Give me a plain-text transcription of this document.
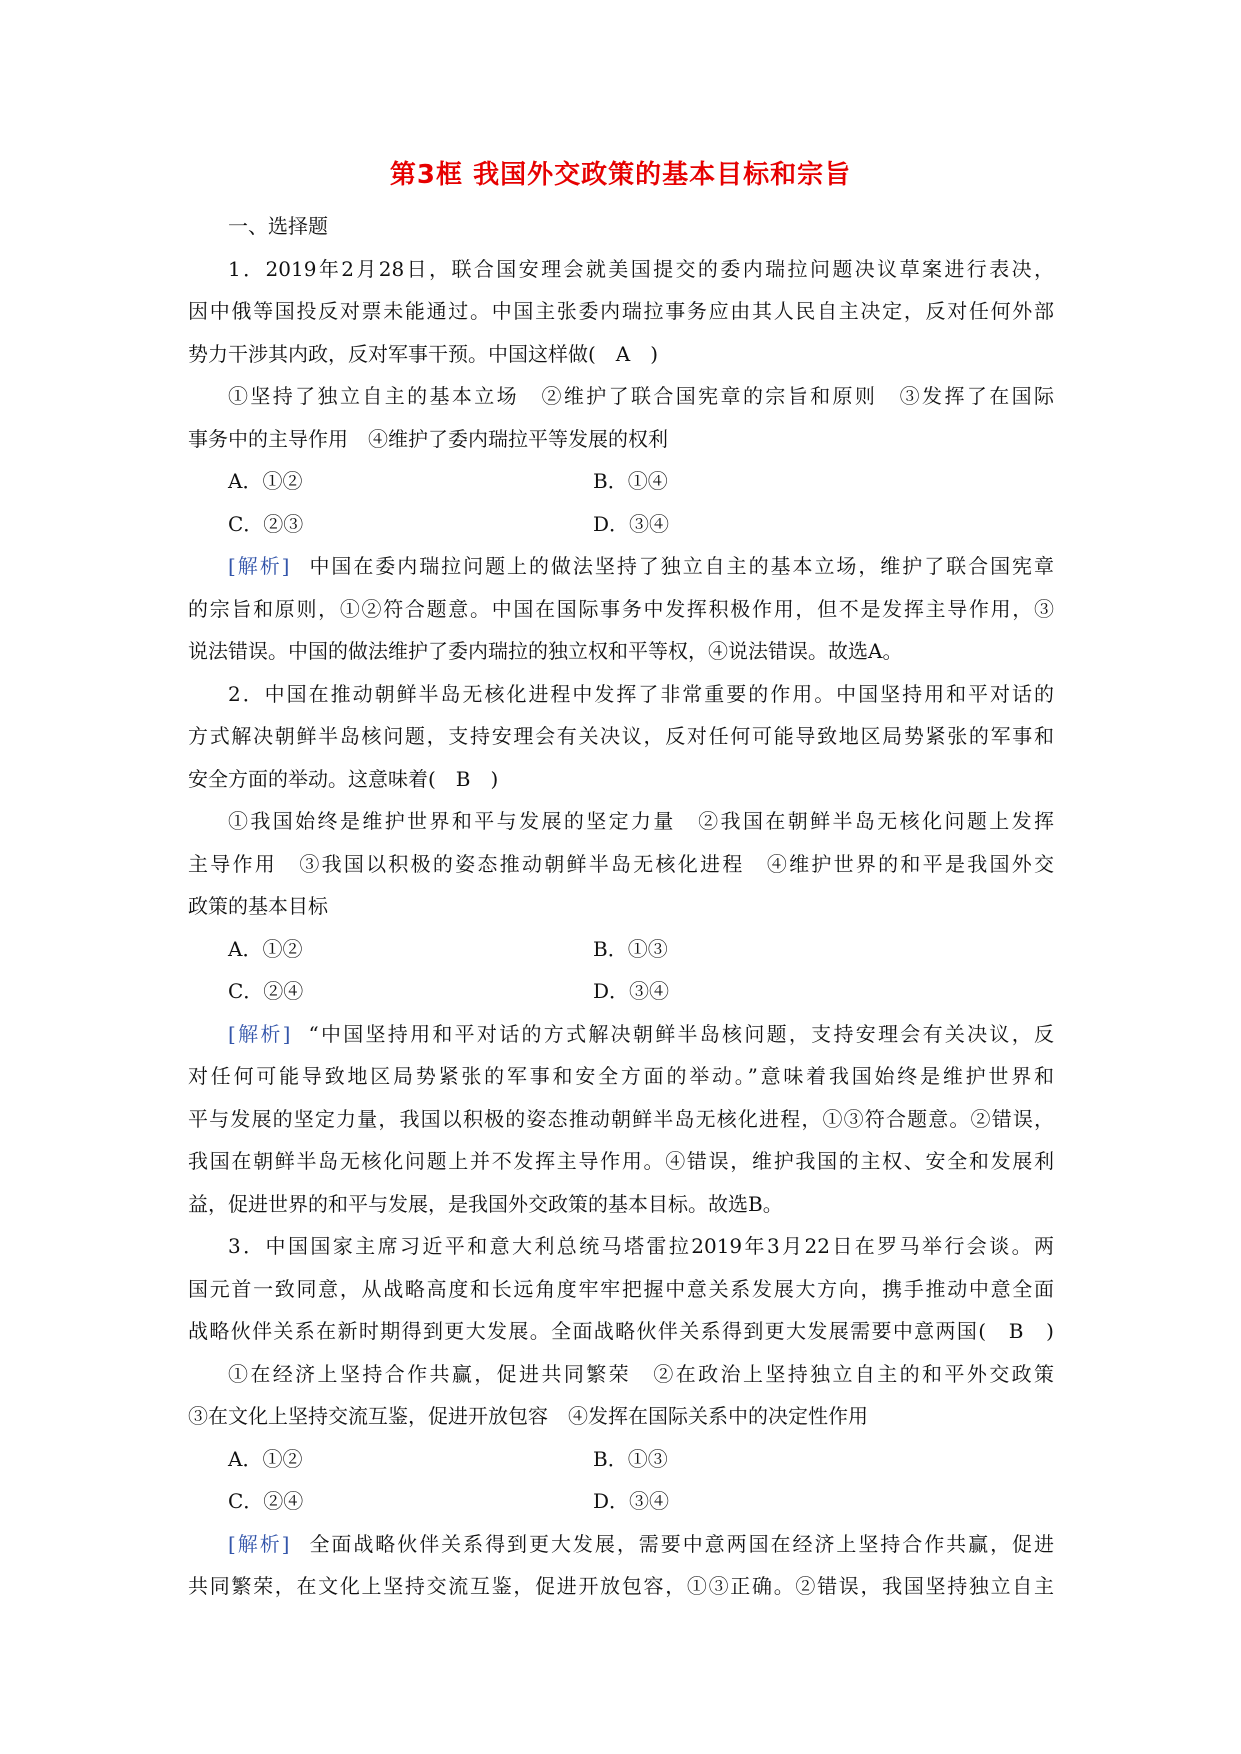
第3框 我国外交政策的基本目标和宗旨
一、选择题
1．2019年2月28日，联合国安理会就美国提交的委内瑞拉问题决议草案进行表决，
因中俄等国投反对票未能通过。中国主张委内瑞拉事务应由其人民自主决定，反对任何外部
势力干涉其内政，反对军事干预。中国这样做(　A　)
①坚持了独立自主的基本立场　②维护了联合国宪章的宗旨和原则　③发挥了在国际
事务中的主导作用　④维护了委内瑞拉平等发展的权利
A．①②	B．①④
C．②③	D．③④
[解析] 中国在委内瑞拉问题上的做法坚持了独立自主的基本立场，维护了联合国宪章
的宗旨和原则，①②符合题意。中国在国际事务中发挥积极作用，但不是发挥主导作用，③
说法错误。中国的做法维护了委内瑞拉的独立权和平等权，④说法错误。故选A。
2．中国在推动朝鲜半岛无核化进程中发挥了非常重要的作用。中国坚持用和平对话的
方式解决朝鲜半岛核问题，支持安理会有关决议，反对任何可能导致地区局势紧张的军事和
安全方面的举动。这意味着(　B　)
①我国始终是维护世界和平与发展的坚定力量　②我国在朝鲜半岛无核化问题上发挥
主导作用　③我国以积极的姿态推动朝鲜半岛无核化进程　④维护世界的和平是我国外交
政策的基本目标
A．①②	B．①③
C．②④	D．③④
[解析] “中国坚持用和平对话的方式解决朝鲜半岛核问题，支持安理会有关决议，反
对任何可能导致地区局势紧张的军事和安全方面的举动。”意味着我国始终是维护世界和
平与发展的坚定力量，我国以积极的姿态推动朝鲜半岛无核化进程，①③符合题意。②错误，
我国在朝鲜半岛无核化问题上并不发挥主导作用。④错误，维护我国的主权、安全和发展利
益，促进世界的和平与发展，是我国外交政策的基本目标。故选B。
3．中国国家主席习近平和意大利总统马塔雷拉2019年3月22日在罗马举行会谈。两
国元首一致同意，从战略高度和长远角度牢牢把握中意关系发展大方向，携手推动中意全面
战略伙伴关系在新时期得到更大发展。全面战略伙伴关系得到更大发展需要中意两国(　B　)
①在经济上坚持合作共赢，促进共同繁荣　②在政治上坚持独立自主的和平外交政策
③在文化上坚持交流互鉴，促进开放包容　④发挥在国际关系中的决定性作用
A．①②	B．①③
C．②④	D．③④
[解析] 全面战略伙伴关系得到更大发展，需要中意两国在经济上坚持合作共赢，促进
共同繁荣，在文化上坚持交流互鉴，促进开放包容，①③正确。②错误，我国坚持独立自主
